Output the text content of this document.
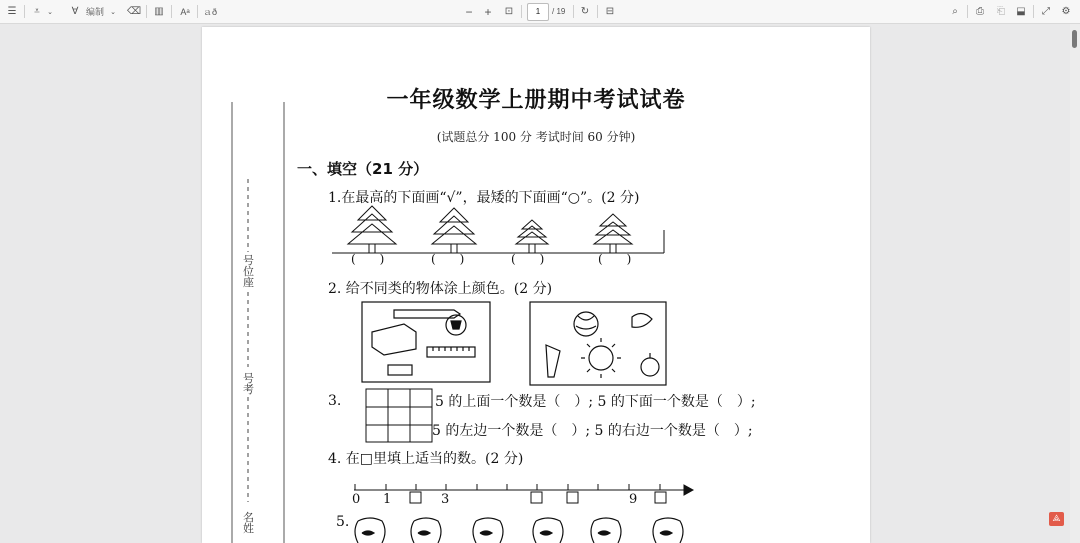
☰	⩡	⌄	∀ 编制 ⌄ ⌫ ▥	Aᵃ	ａð	− +	⊡	1	/ 19 ↻ ⊟	⌕	⎙	⎗	⬓	⤢	⚙
号位座
号考
名姓
一年级数学上册期中考试试卷
(试题总分 100 分 考试时间 60 分钟)
一、填空（21 分）
1.在最高的下面画“√”，最矮的下面画“○”。(2 分)
(　　)	(　　)	(　　)	(　　)
2. 给不同类的物体涂上颜色。(2 分)
3.	5 的上面一个数是（　）; 5 的下面一个数是（　）;
5 的左边一个数是（　）; 5 的右边一个数是（　）;
4. 在□里填上适当的数。(2 分)
0 1	3	9
5.	⟁
